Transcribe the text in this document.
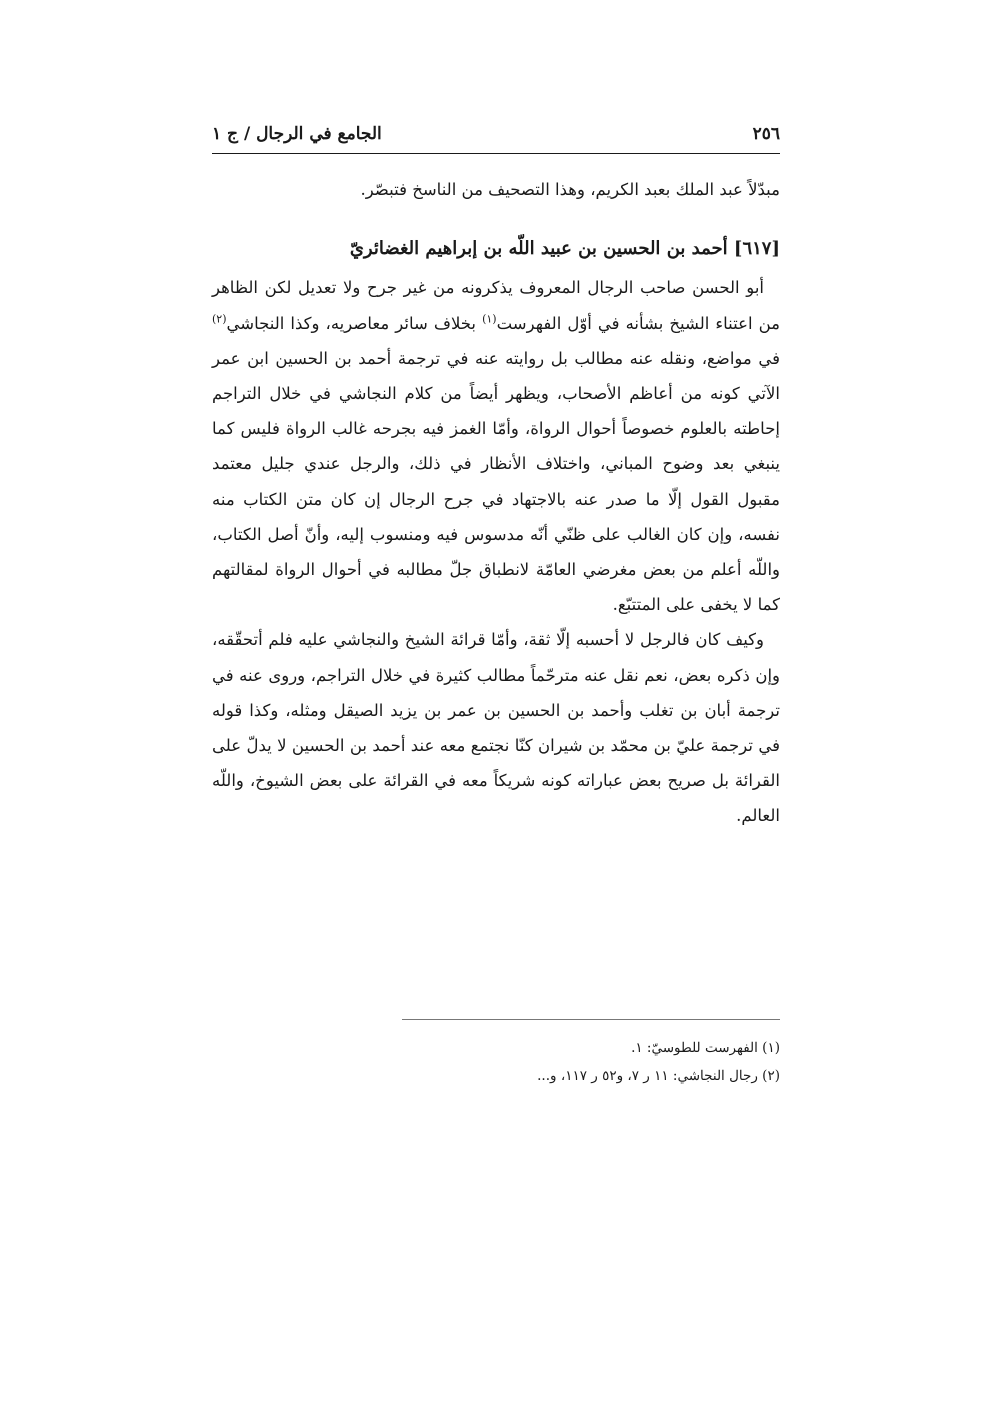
٢٥٦
الجامع في الرجال / ج ١

مبدّلاً عبد الملك بعبد الكريم، وهذا التصحيف من الناسخ فتبصّر.

[٦١٧] أحمد بن الحسين بن عبيد اللّه بن إبراهيم الغضائريّ

أبو الحسن صاحب الرجال المعروف يذكرونه من غير جرح ولا تعديل لكن الظاهر من اعتناء الشيخ بشأنه في أوّل الفهرست$^{(١)}$ بخلاف سائر معاصريه، وكذا النجاشي$^{(٢)}$ في مواضع، ونقله عنه مطالب بل روايته عنه في ترجمة أحمد بن الحسين ابن عمر الآتي كونه من أعاظم الأصحاب، ويظهر أيضاً من كلام النجاشي في خلال التراجم إحاطته بالعلوم خصوصاً أحوال الرواة، وأمّا الغمز فيه بجرحه غالب الرواة فليس كما ينبغي بعد وضوح المباني، واختلاف الأنظار في ذلك، والرجل عندي جليل معتمد مقبول القول إلّا ما صدر عنه بالاجتهاد في جرح الرجال إن كان متن الكتاب منه نفسه، وإن كان الغالب على ظنّي أنّه مدسوس فيه ومنسوب إليه، وأنّ أصل الكتاب، واللّه أعلم من بعض مغرضي العامّة لانطباق جلّ مطالبه في أحوال الرواة لمقالتهم كما لا يخفى على المتتبّع.

وكيف كان فالرجل لا أحسبه إلّا ثقة، وأمّا قرائة الشيخ والنجاشي عليه فلم أتحقّقه، وإن ذكره بعض، نعم نقل عنه مترحّماً مطالب كثيرة في خلال التراجم، وروى عنه في ترجمة أبان بن تغلب وأحمد بن الحسين بن عمر بن يزيد الصيقل ومثله، وكذا قوله في ترجمة عليّ بن محمّد بن شيران كنّا نجتمع معه عند أحمد بن الحسين لا يدلّ على القرائة بل صريح بعض عباراته كونه شريكاً معه في القرائة على بعض الشيوخ، واللّه العالم.

(١) الفهرست للطوسيّ: ١.
(٢) رجال النجاشي: ١١ ر ٧، و٥٢ ر ١١٧، و...
